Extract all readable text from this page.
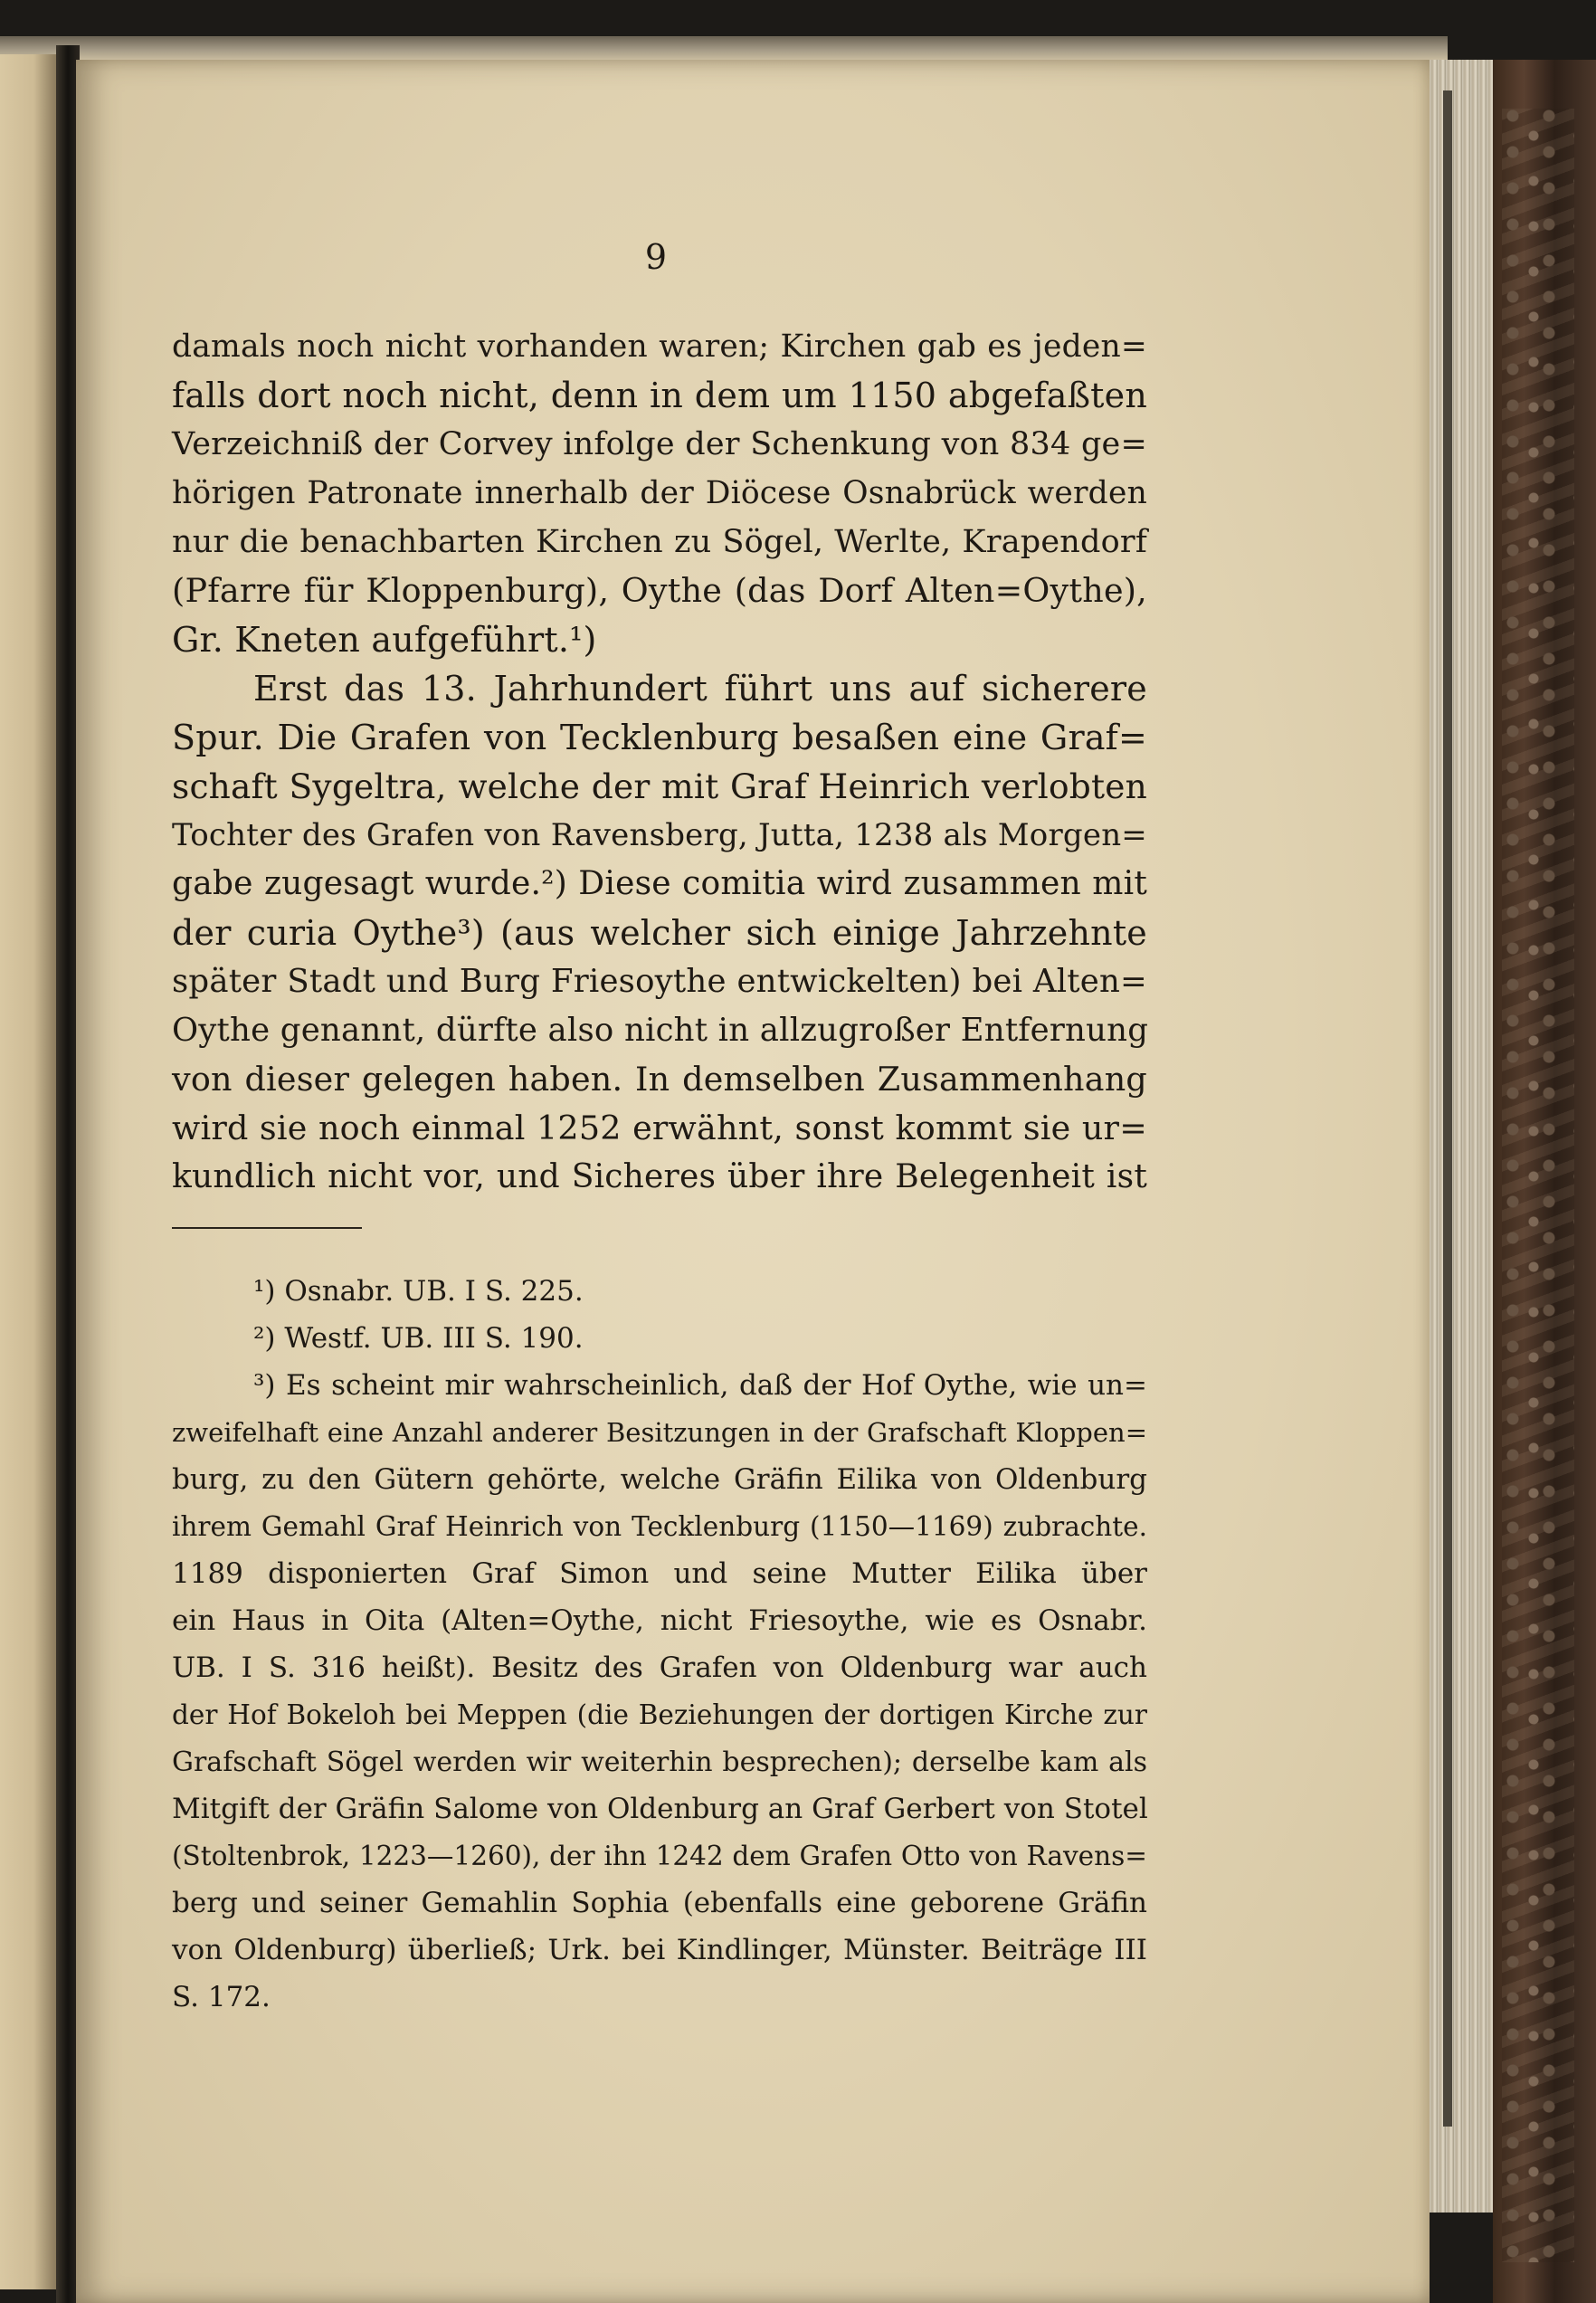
9
damals noch nicht vorhanden waren; Kirchen gab es jeden=
falls dort noch nicht, denn in dem um 1150 abgefaßten
Verzeichniß der Corvey infolge der Schenkung von 834 ge=
hörigen Patronate innerhalb der Diöcese Osnabrück werden
nur die benachbarten Kirchen zu Sögel, Werlte, Krapendorf
(Pfarre für Kloppenburg), Oythe (das Dorf Alten=Oythe),
Gr. Kneten aufgeführt.¹)
Erst das 13. Jahrhundert führt uns auf sicherere
Spur. Die Grafen von Tecklenburg besaßen eine Graf=
schaft Sygeltra, welche der mit Graf Heinrich verlobten
Tochter des Grafen von Ravensberg, Jutta, 1238 als Morgen=
gabe zugesagt wurde.²) Diese comitia wird zusammen mit
der curia Oythe³) (aus welcher sich einige Jahrzehnte
später Stadt und Burg Friesoythe entwickelten) bei Alten=
Oythe genannt, dürfte also nicht in allzugroßer Entfernung
von dieser gelegen haben. In demselben Zusammenhang
wird sie noch einmal 1252 erwähnt, sonst kommt sie ur=
kundlich nicht vor, und Sicheres über ihre Belegenheit ist
¹) Osnabr. UB. I S. 225.
²) Westf. UB. III S. 190.
³) Es scheint mir wahrscheinlich, daß der Hof Oythe, wie un=
zweifelhaft eine Anzahl anderer Besitzungen in der Grafschaft Kloppen=
burg, zu den Gütern gehörte, welche Gräfin Eilika von Oldenburg
ihrem Gemahl Graf Heinrich von Tecklenburg (1150—1169) zubrachte.
1189 disponierten Graf Simon und seine Mutter Eilika über
ein Haus in Oita (Alten=Oythe, nicht Friesoythe, wie es Osnabr.
UB. I S. 316 heißt). Besitz des Grafen von Oldenburg war auch
der Hof Bokeloh bei Meppen (die Beziehungen der dortigen Kirche zur
Grafschaft Sögel werden wir weiterhin besprechen); derselbe kam als
Mitgift der Gräfin Salome von Oldenburg an Graf Gerbert von Stotel
(Stoltenbrok, 1223—1260), der ihn 1242 dem Grafen Otto von Ravens=
berg und seiner Gemahlin Sophia (ebenfalls eine geborene Gräfin
von Oldenburg) überließ; Urk. bei Kindlinger, Münster. Beiträge III
S. 172.
